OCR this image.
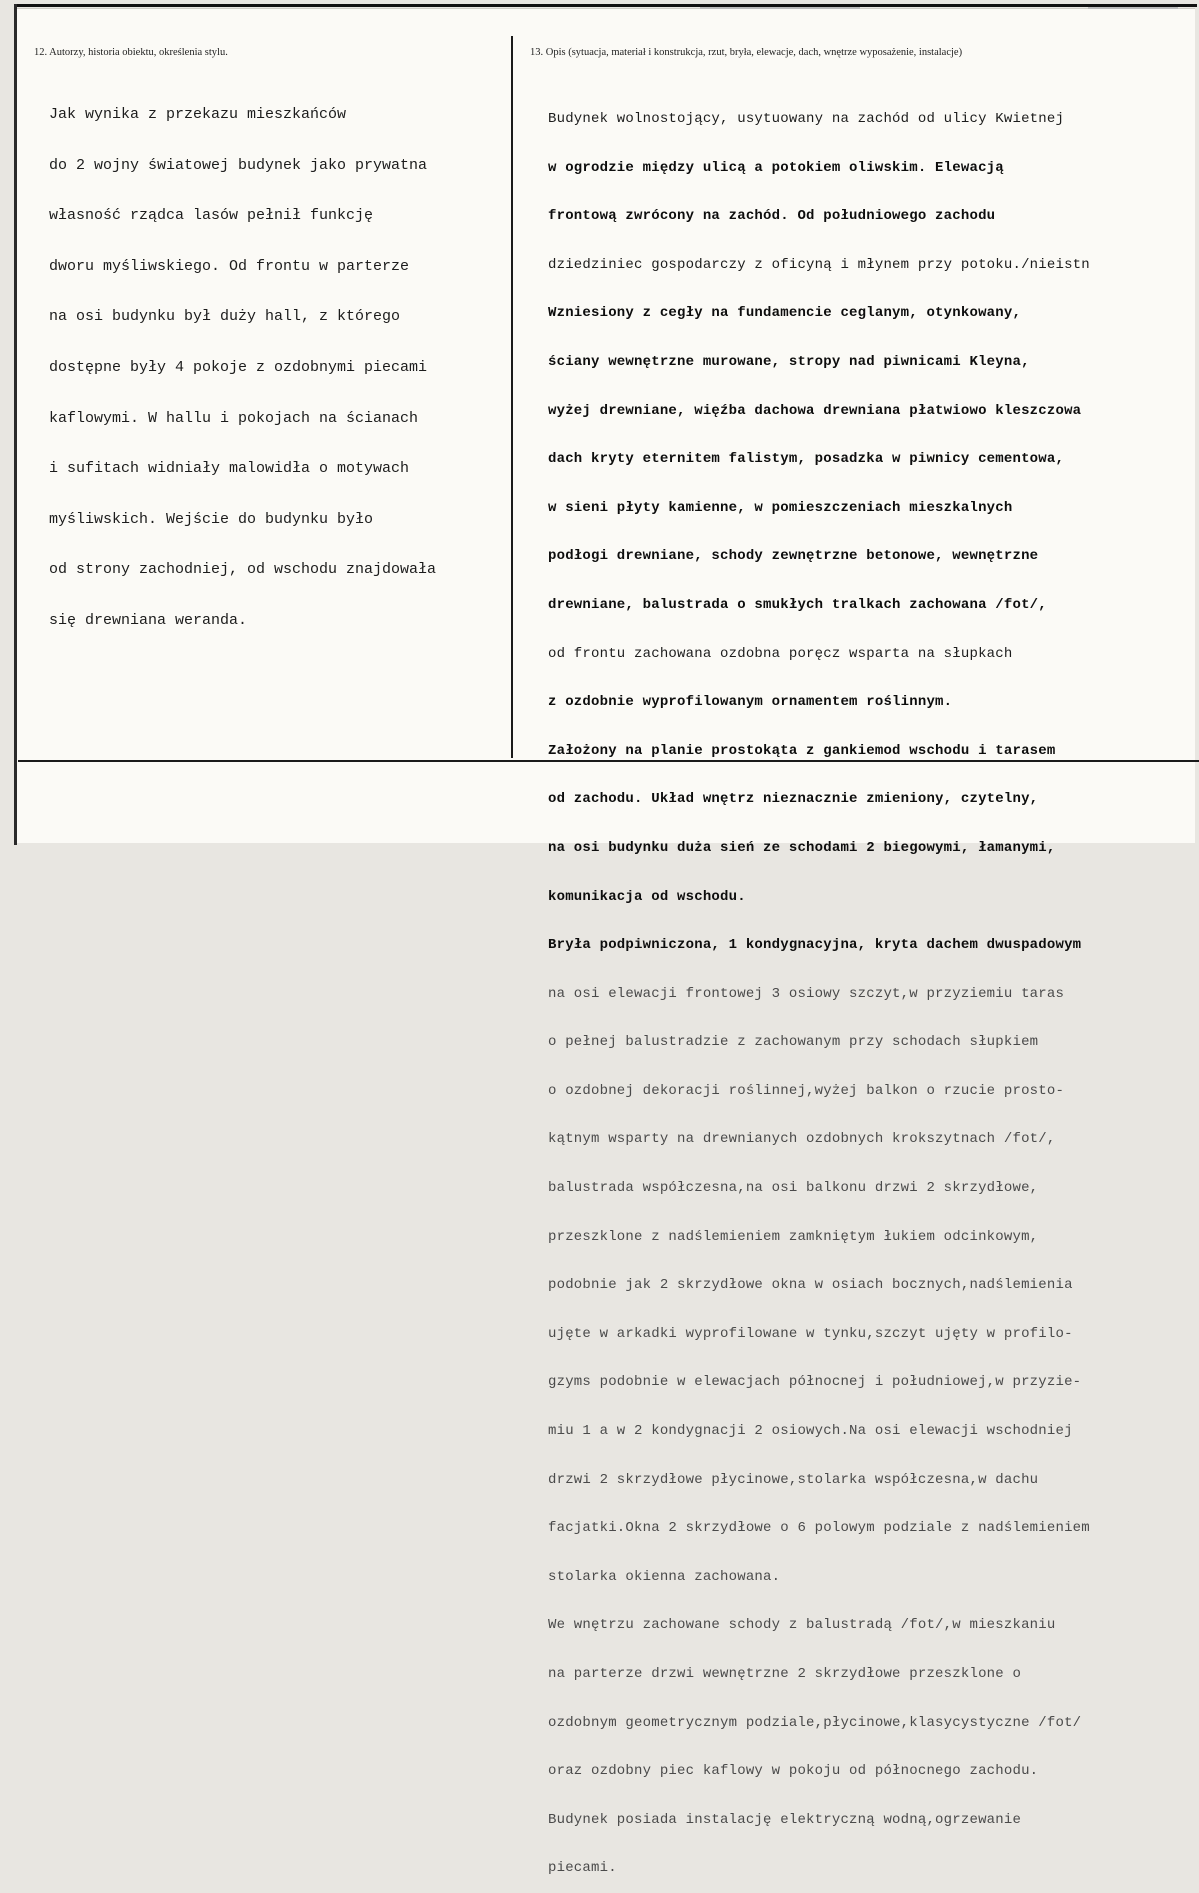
12. Autorzy, historia obiektu, określenia stylu.	13. Opis (sytuacja, materiał i konstrukcja, rzut, bryła, elewacje, dach, wnętrze wyposażenie, instalacje)

Jak wynika z przekazu mieszkańców

do 2 wojny światowej budynek jako prywatna

własność rządca lasów pełnił funkcję

dworu myśliwskiego. Od frontu w parterze

na osi budynku był duży hall, z którego

dostępne były 4 pokoje z ozdobnymi piecami

kaflowymi. W hallu i pokojach na ścianach

i sufitach widniały malowidła o motywach

myśliwskich. Wejście do budynku było

od strony zachodniej, od wschodu znajdowała

się drewniana weranda.

Budynek wolnostojący, usytuowany na zachód od ulicy Kwietnej

w ogrodzie między ulicą a potokiem oliwskim. Elewacją

frontową zwrócony na zachód. Od południowego zachodu

dziedziniec gospodarczy z oficyną i młynem przy potoku./nieistn

Wzniesiony z cegły na fundamencie ceglanym, otynkowany,

ściany wewnętrzne murowane, stropy nad piwnicami Kleyna,

wyżej drewniane, więźba dachowa drewniana płatwiowo kleszczowa

dach kryty eternitem falistym, posadzka w piwnicy cementowa,

w sieni płyty kamienne, w pomieszczeniach mieszkalnych

podłogi drewniane, schody zewnętrzne betonowe, wewnętrzne

drewniane, balustrada o smukłych tralkach zachowana /fot/,

od frontu zachowana ozdobna poręcz wsparta na słupkach

z ozdobnie wyprofilowanym ornamentem roślinnym.

Założony na planie prostokąta z gankiemod wschodu i tarasem

od zachodu. Układ wnętrz nieznacznie zmieniony, czytelny,

na osi budynku duża sień ze schodami 2 biegowymi, łamanymi,

komunikacja od wschodu.

Bryła podpiwniczona, 1 kondygnacyjna, kryta dachem dwuspadowym

na osi elewacji frontowej 3 osiowy szczyt,w przyziemiu taras

o pełnej balustradzie z zachowanym przy schodach słupkiem

o ozdobnej dekoracji roślinnej,wyżej balkon o rzucie prosto-

kątnym wsparty na drewnianych ozdobnych krokszytnach /fot/,

balustrada współczesna,na osi balkonu drzwi 2 skrzydłowe,

przeszklone z nadślemieniem zamkniętym łukiem odcinkowym,

podobnie jak 2 skrzydłowe okna w osiach bocznych,nadślemienia

ujęte w arkadki wyprofilowane w tynku,szczyt ujęty w profilo-

gzyms podobnie w elewacjach północnej i południowej,w przyzie-

miu 1 a w 2 kondygnacji 2 osiowych.Na osi elewacji wschodniej

drzwi 2 skrzydłowe płycinowe,stolarka współczesna,w dachu

facjatki.Okna 2 skrzydłowe o 6 polowym podziale z nadślemieniem

stolarka okienna zachowana.

We wnętrzu zachowane schody z balustradą /fot/,w mieszkaniu

na parterze drzwi wewnętrzne 2 skrzydłowe przeszklone o

ozdobnym geometrycznym podziale,płycinowe,klasycystyczne /fot/

oraz ozdobny piec kaflowy w pokoju od północnego zachodu.

Budynek posiada instalację elektryczną wodną,ogrzewanie

piecami.
